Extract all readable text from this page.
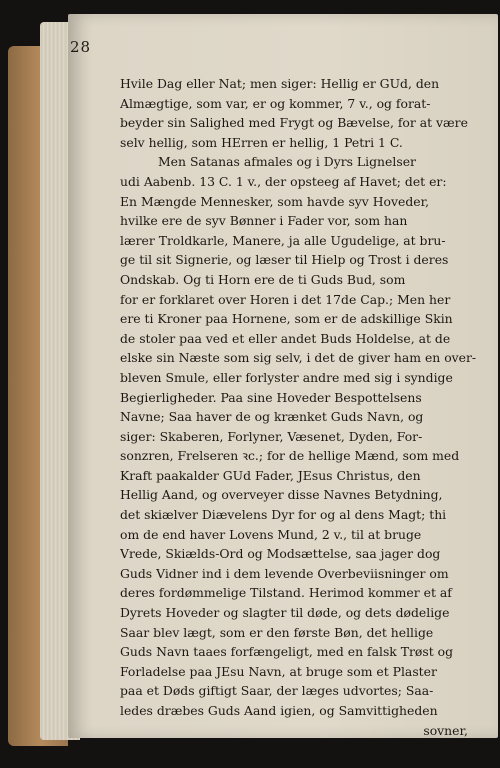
28
Hvile Dag eller Nat; men siger: Hellig er GUd, den
Almægtige, som var, er og kommer, 7 v., og forat-
beyder sin Salighed med Frygt og Bævelse, for at være
selv hellig, som HErren er hellig, 1 Petri 1 C.
Men Satanas afmales og i Dyrs Lignelser
udi Aabenb. 13 C. 1 v., der opsteeg af Havet; det er:
En Mængde Mennesker, som havde syv Hoveder,
hvilke ere de syv Bønner i Fader vor, som han
lærer Troldkarle, Manere, ja alle Ugudelige, at bru-
ge til sit Signerie, og læser til Hielp og Trost i deres
Ondskab. Og ti Horn ere de ti Guds Bud, som
for er forklaret over Horen i det 17de Cap.; Men her
ere ti Kroner paa Hornene, som er de adskillige Skin
de stoler paa ved et eller andet Buds Holdelse, at de
elske sin Næste som sig selv, i det de giver ham en over-
bleven Smule, eller forlyster andre med sig i syndige
Begierligheder. Paa sine Hoveder Bespottelsens
Navne; Saa haver de og krænket Guds Navn, og
siger: Skaberen, Forlyner, Væsenet, Dyden, For-
sonzren, Frelseren ꝛc.; for de hellige Mænd, som med
Kraft paakalder GUd Fader, JEsus Christus, den
Hellig Aand, og overveyer disse Navnes Betydning,
det skiælver Diævelens Dyr for og al dens Magt; thi
om de end haver Lovens Mund, 2 v., til at bruge
Vrede, Skiælds-Ord og Modsættelse, saa jager dog
Guds Vidner ind i dem levende Overbeviisninger om
deres fordømmelige Tilstand. Herimod kommer et af
Dyrets Hoveder og slagter til døde, og dets dødelige
Saar blev lægt, som er den første Bøn, det hellige
Guds Navn taaes forfængeligt, med en falsk Trøst og
Forladelse paa JEsu Navn, at bruge som et Plaster
paa et Døds giftigt Saar, der læges udvortes; Saa-
ledes dræbes Guds Aand igien, og Samvittigheden
sovner,
